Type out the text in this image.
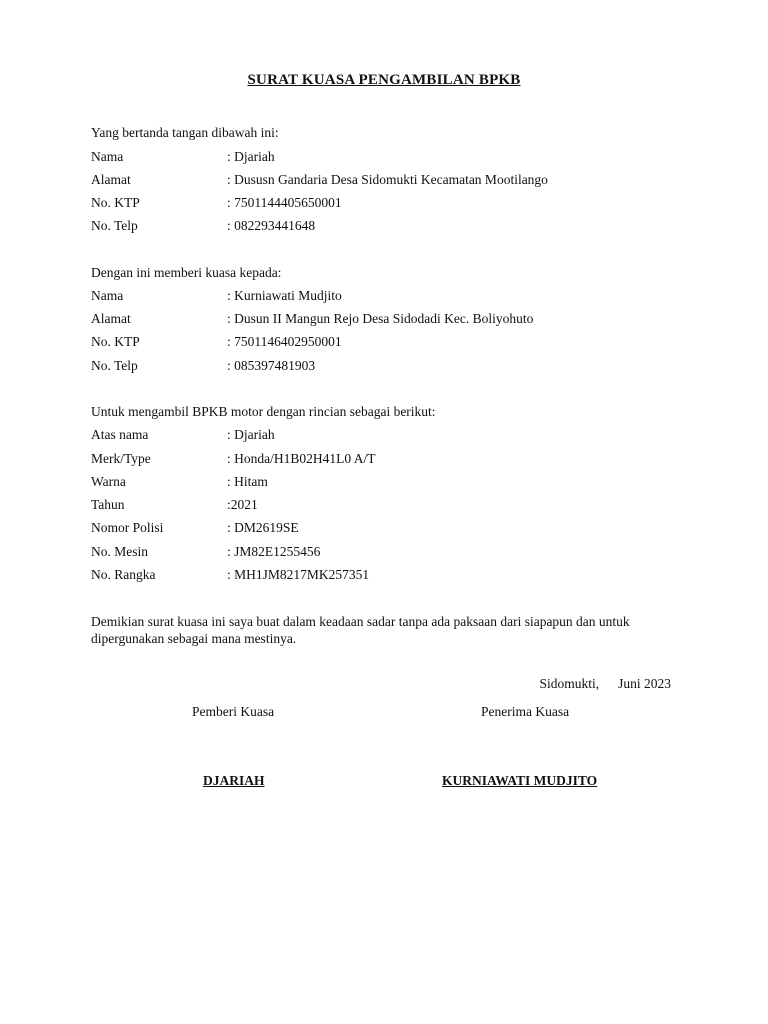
SURAT KUASA PENGAMBILAN BPKB
Yang bertanda tangan dibawah ini:
Nama	: Djariah
Alamat	: Dususn Gandaria Desa Sidomukti Kecamatan Mootilango
No. KTP	: 7501144405650001
No. Telp	: 082293441648
Dengan ini memberi kuasa kepada:
Nama	: Kurniawati Mudjito
Alamat	: Dusun II Mangun Rejo Desa Sidodadi Kec. Boliyohuto
No. KTP	: 7501146402950001
No. Telp	: 085397481903
Untuk mengambil BPKB motor dengan rincian sebagai berikut:
Atas nama	: Djariah
Merk/Type	: Honda/H1B02H41L0 A/T
Warna	: Hitam
Tahun	:2021
Nomor Polisi	: DM2619SE
No. Mesin	: JM82E1255456
No. Rangka	: MH1JM8217MK257351
Demikian surat kuasa ini saya buat dalam keadaan sadar tanpa ada paksaan dari siapapun dan untuk dipergunakan sebagai mana mestinya.
Sidomukti, Juni 2023
Pemberi Kuasa	Penerima Kuasa
DJARIAH	KURNIAWATI MUDJITO
